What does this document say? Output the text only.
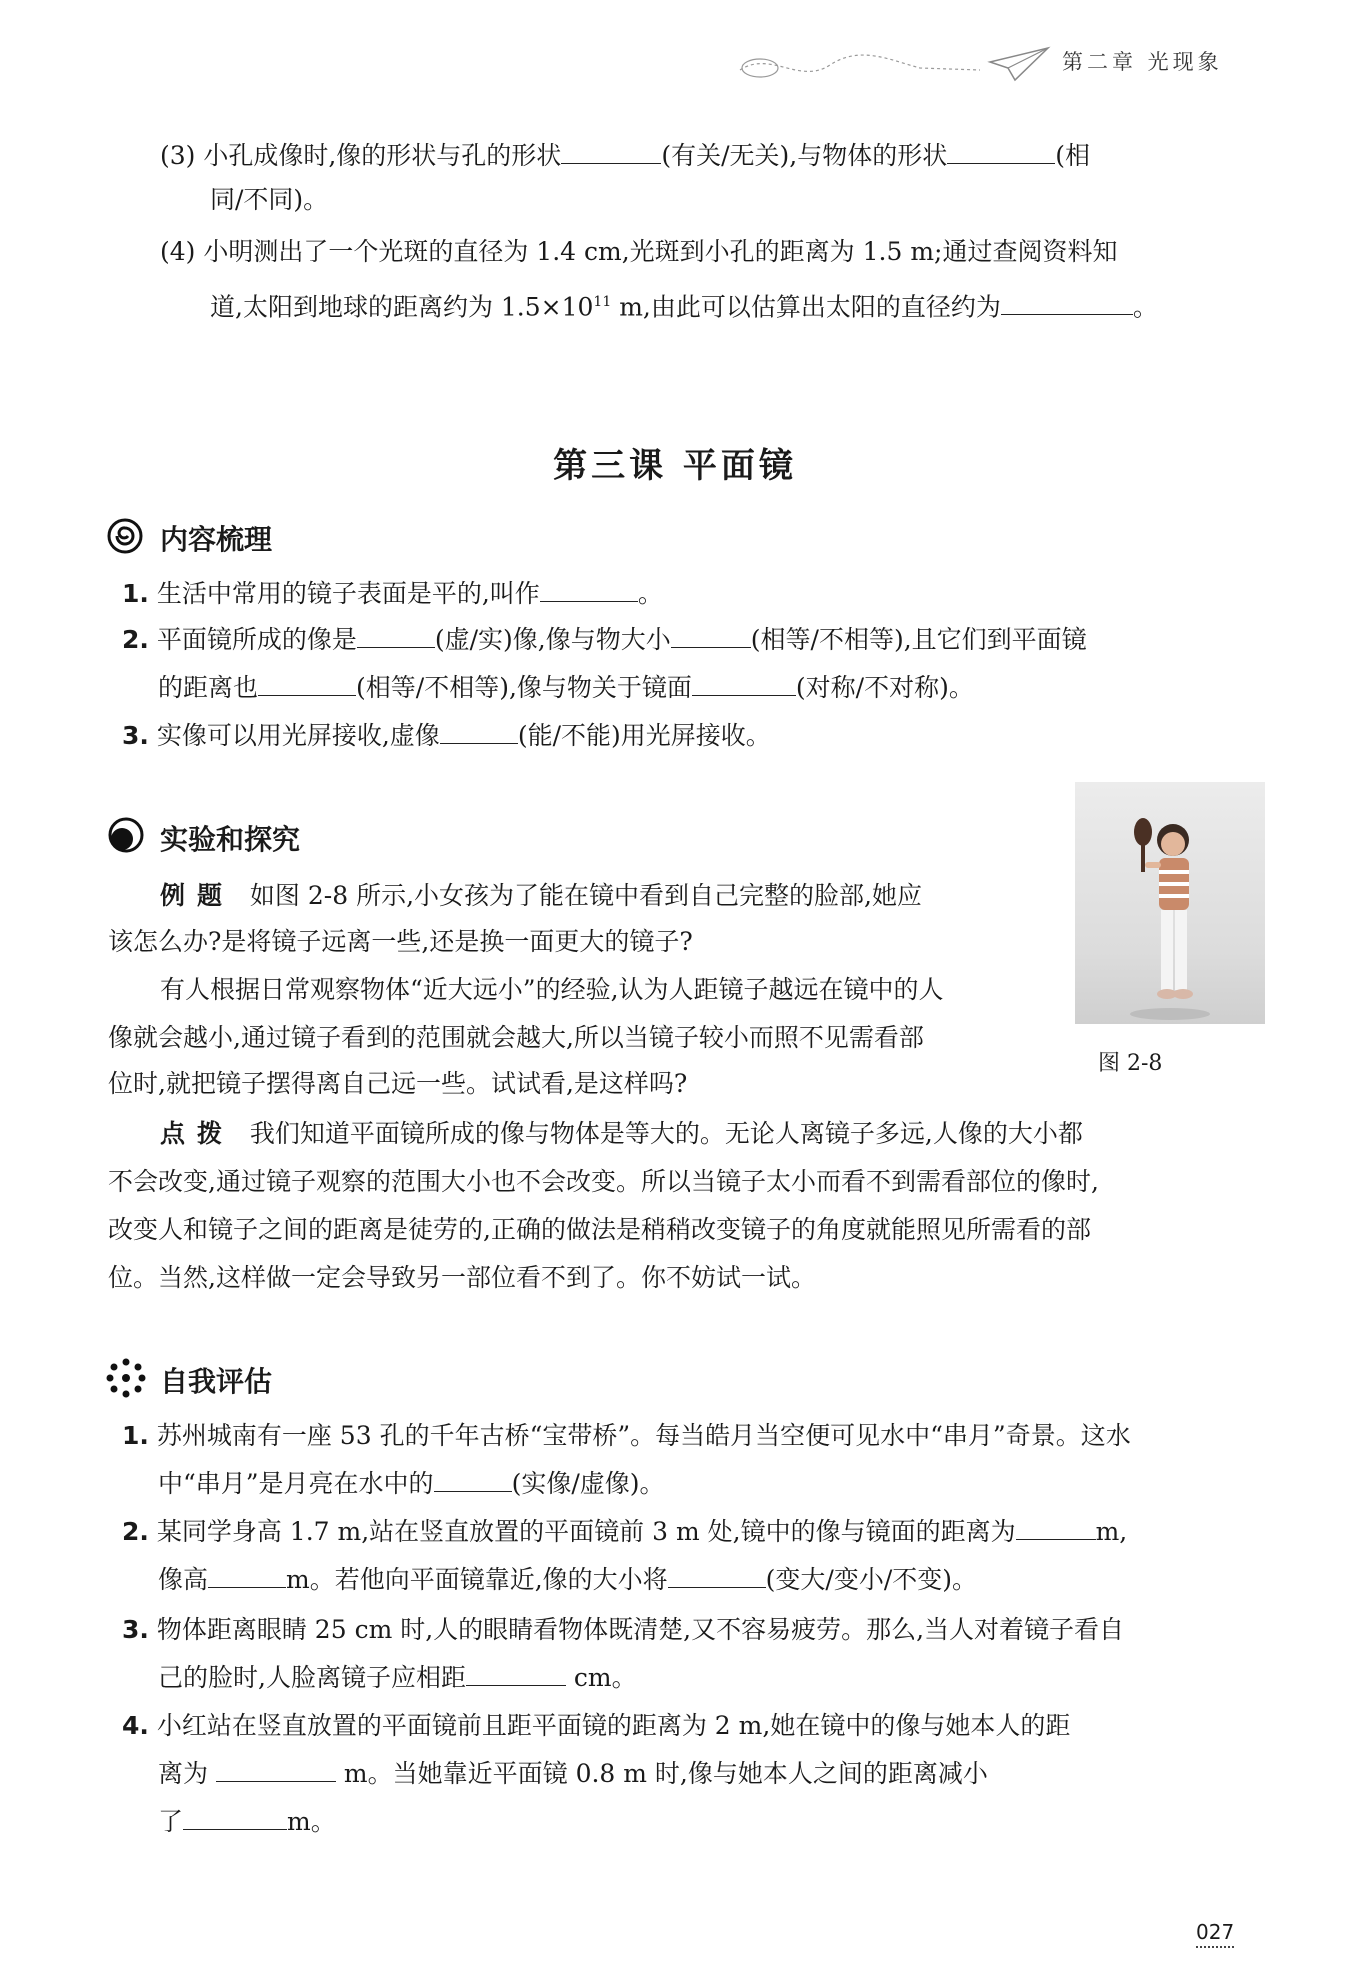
第二章 光现象
(3) 小孔成像时,像的形状与孔的形状	(有关/无关),与物体的形状	(相
同/不同)。
(4) 小明测出了一个光斑的直径为 1.4 cm,光斑到小孔的距离为 1.5 m;通过查阅资料知
道,太阳到地球的距离约为 $1.5\times 10^{11}$ m,由此可以估算出太阳的直径约为	。
第三课 平面镜
内容梳理
1. 生活中常用的镜子表面是平的,叫作	。
2. 平面镜所成的像是	(虚/实)像,像与物大小	(相等/不相等),且它们到平面镜
的距离也	(相等/不相等),像与物关于镜面	(对称/不对称)。
3. 实像可以用光屏接收,虚像	(能/不能)用光屏接收。
实验和探究
例题 如图 2-8 所示,小女孩为了能在镜中看到自己完整的脸部,她应
该怎么办?是将镜子远离一些,还是换一面更大的镜子?
有人根据日常观察物体“近大远小”的经验,认为人距镜子越远在镜中的人
像就会越小,通过镜子看到的范围就会越大,所以当镜子较小而照不见需看部
位时,就把镜子摆得离自己远一些。试试看,是这样吗?
图 2-8
点拨 我们知道平面镜所成的像与物体是等大的。无论人离镜子多远,人像的大小都
不会改变,通过镜子观察的范围大小也不会改变。所以当镜子太小而看不到需看部位的像时,
改变人和镜子之间的距离是徒劳的,正确的做法是稍稍改变镜子的角度就能照见所需看的部
位。当然,这样做一定会导致另一部位看不到了。你不妨试一试。
自我评估
1. 苏州城南有一座 53 孔的千年古桥“宝带桥”。每当皓月当空便可见水中“串月”奇景。这水
中“串月”是月亮在水中的	(实像/虚像)。
2. 某同学身高 1.7 m,站在竖直放置的平面镜前 3 m 处,镜中的像与镜面的距离为	m,
像高	m。若他向平面镜靠近,像的大小将	(变大/变小/不变)。
3. 物体距离眼睛 25 cm 时,人的眼睛看物体既清楚,又不容易疲劳。那么,当人对着镜子看自
己的脸时,人脸离镜子应相距	cm。
4. 小红站在竖直放置的平面镜前且距平面镜的距离为 2 m,她在镜中的像与她本人的距
离为	m。当她靠近平面镜 0.8 m 时,像与她本人之间的距离减小
了	m。
027
